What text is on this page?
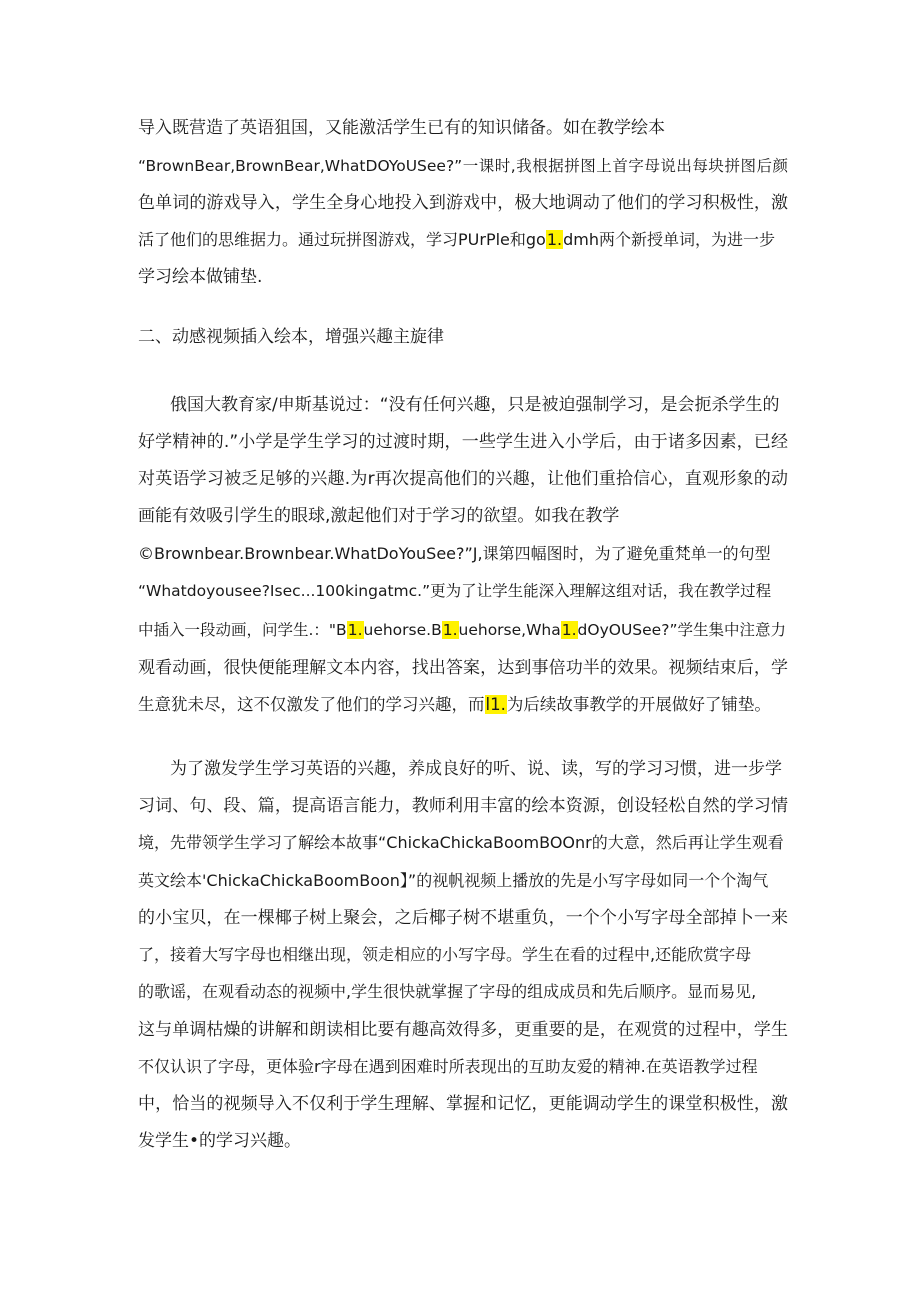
导入既营造了英语狙国，又能激活学生已有的知识储备。如在教学绘本
“BrownBear,BrownBear,WhatDOYoUSee?”一课时,我根据拼图上首字母说出每块拼图后颜
色单词的游戏导入，学生全身心地投入到游戏中，极大地调动了他们的学习积极性，激
活了他们的思维据力。通过玩拼图游戏，学习PUrPle和go1.dmh两个新授单词，为进一步
学习绘本做铺垫.
二、动感视频插入绘本，增强兴趣主旋律
俄国大教育家/申斯基说过：“没有任何兴趣，只是被迫强制学习，是会扼杀学生的
好学精神的.”小学是学生学习的过渡时期，一些学生进入小学后，由于诸多因素，已经
对英语学习被乏足够的兴趣.为r再次提高他们的兴趣，让他们重拾信心，直观形象的动
画能有效吸引学生的眼球,激起他们对于学习的欲望。如我在教学
©Brownbear.Brownbear.WhatDoYouSee?”J,课第四幅图时，为了避免重梵单一的句型
“Whatdoyousee?Isec...100kingatmc.”更为了让学生能深入理解这组对话，我在教学过程
中插入一段动画，问学生.："B1.uehorse.B1.uehorse,Wha1.dOyOUSee?”学生集中注意力
观看动画，很快便能理解文本内容，找出答案，达到事倍功半的效果。视频结束后，学
生意犹未尽，这不仅激发了他们的学习兴趣，而l1.为后续故事教学的开展做好了铺垫。
为了激发学生学习英语的兴趣，养成良好的听、说、读，写的学习习惯，进一步学
习词、句、段、篇，提高语言能力，教师利用丰富的绘本资源，创设轻松自然的学习情
境，先带领学生学习了解绘本故事“ChickaChickaBoomBOOnr的大意，然后再让学生观看
英文绘本'ChickaChickaBoomBoon】”的视帆视频上播放的先是小写字母如同一个个淘气
的小宝贝，在一棵椰子树上聚会，之后椰子树不堪重负，一个个小写字母全部掉卜一来
了，接着大写字母也相继出现，领走相应的小写字母。学生在看的过程中,还能欣赏字母
的歌谣，在观看动态的视频中,学生很快就掌握了字母的组成成员和先后顺序。显而易见,
这与单调枯燥的讲解和朗读相比要有趣高效得多，更重要的是，在观赏的过程中，学生
不仅认识了字母，更体验r字母在遇到困难时所表现出的互助友爱的精神.在英语教学过程
中，恰当的视频导入不仅利于学生理解、掌握和记忆，更能调动学生的课堂积极性，激
发学生•的学习兴趣。
